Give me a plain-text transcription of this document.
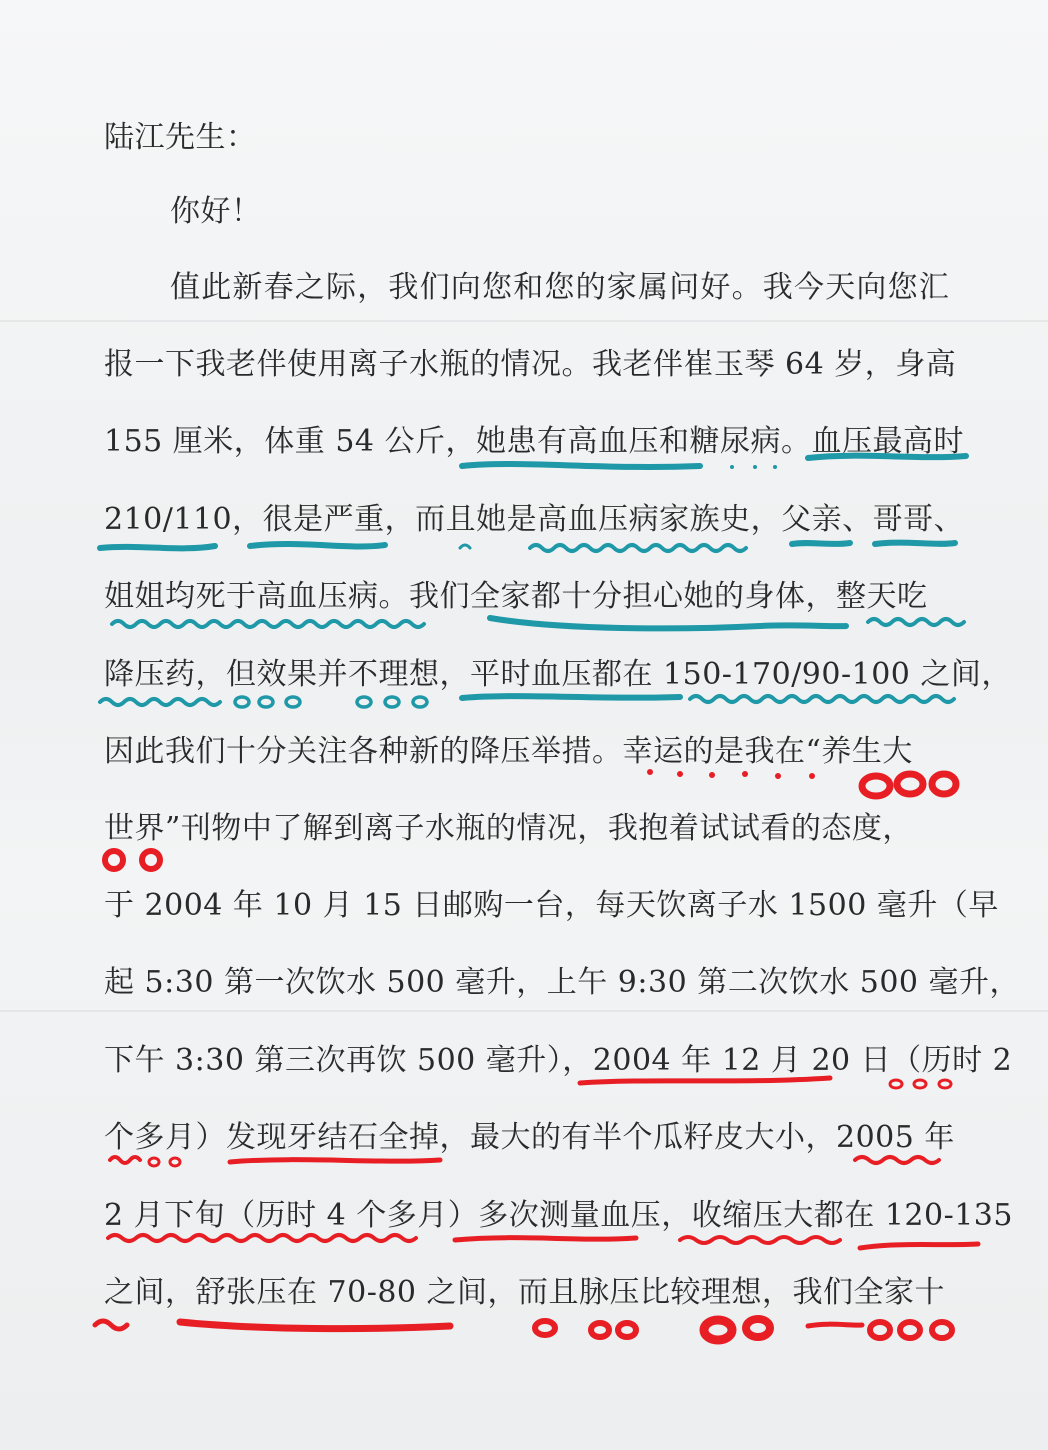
陆江先生：
你好！
值此新春之际，我们向您和您的家属问好。我今天向您汇
报一下我老伴使用离子水瓶的情况。我老伴崔玉琴 64 岁，身高
155 厘米，体重 54 公斤，她患有高血压和糖尿病。血压最高时
210/110，很是严重，而且她是高血压病家族史，父亲、哥哥、
姐姐均死于高血压病。我们全家都十分担心她的身体，整天吃
降压药，但效果并不理想，平时血压都在 150-170/90-100 之间，
因此我们十分关注各种新的降压举措。幸运的是我在“养生大
世界”刊物中了解到离子水瓶的情况，我抱着试试看的态度，
于 2004 年 10 月 15 日邮购一台，每天饮离子水 1500 毫升（早
起 5:30 第一次饮水 500 毫升，上午 9:30 第二次饮水 500 毫升，
下午 3:30 第三次再饮 500 毫升），2004 年 12 月 20 日（历时 2
个多月）发现牙结石全掉，最大的有半个瓜籽皮大小，2005 年
2 月下旬（历时 4 个多月）多次测量血压，收缩压大都在 120-135
之间，舒张压在 70-80 之间，而且脉压比较理想，我们全家十
